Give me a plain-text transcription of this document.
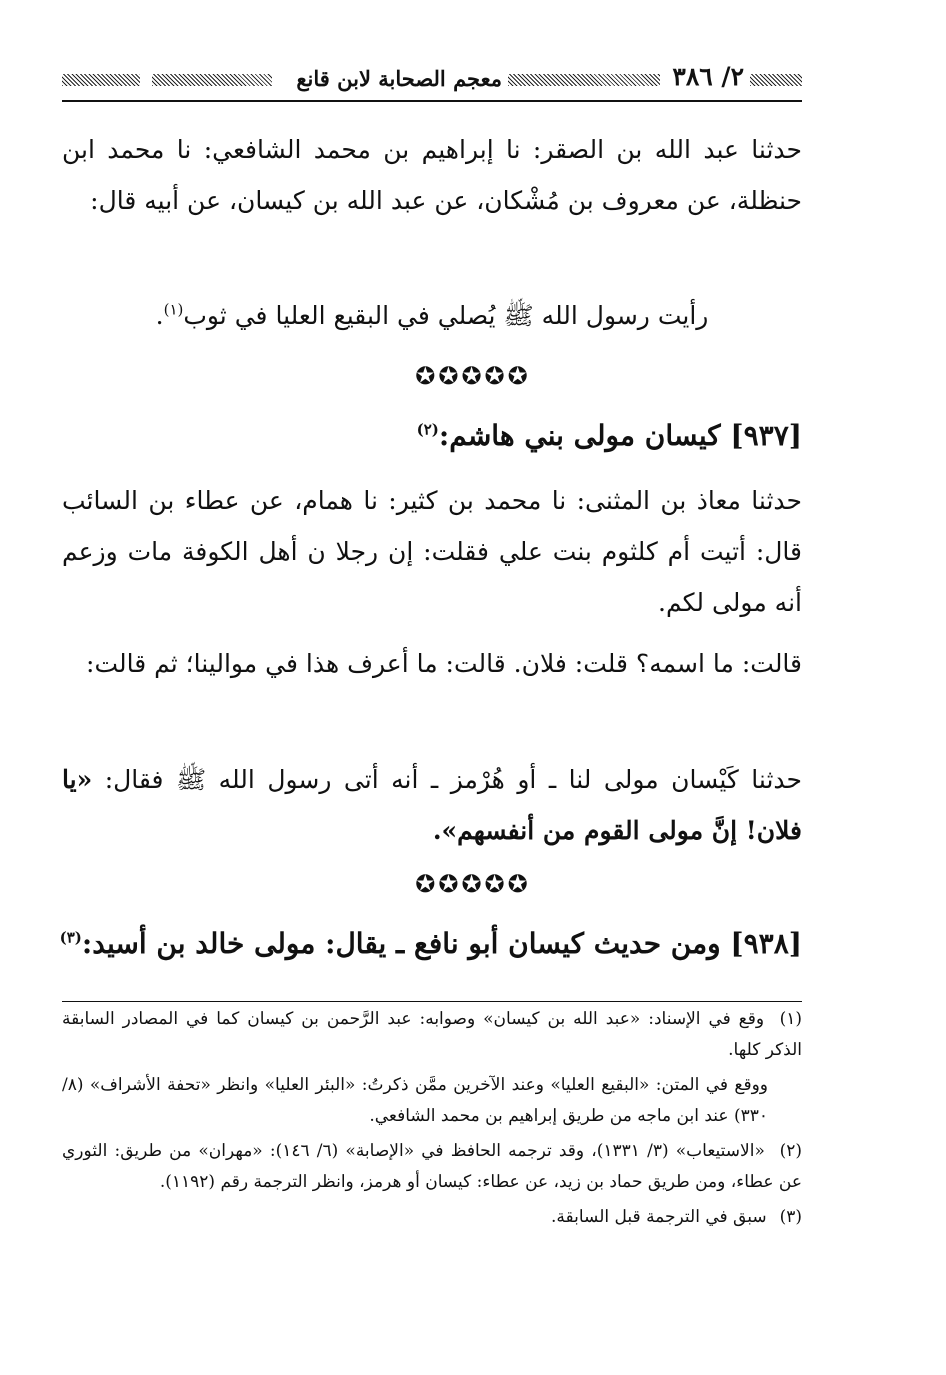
٢/ ٣٨٦
معجم الصحابة لابن قانع
حدثنا عبد الله بن الصقر: نا إبراهيم بن محمد الشافعي: نا محمد ابن حنظلة، عن معروف بن مُشْكان، عن عبد الله بن كيسان، عن أبيه قال:
رأيت رسول الله ﷺ يُصلي في البقيع العليا في ثوب$^{(١)}$.
✪✪✪✪✪
[٩٣٧] كيسان مولى بني هاشم:$^{(٢)}$
حدثنا معاذ بن المثنى: نا محمد بن كثير: نا همام، عن عطاء بن السائب قال: أتيت أم كلثوم بنت علي فقلت: إن رجلا ن أهل الكوفة مات وزعم أنه مولى لكم.
قالت: ما اسمه؟ قلت: فلان. قالت: ما أعرف هذا في موالينا؛ ثم قالت:
حدثنا كَيْسان مولى لنا ـ أو هُرْمز ـ أنه أتى رسول الله ﷺ فقال: «يا فلان! إنَّ مولى القوم من أنفسهم».
✪✪✪✪✪
[٩٣٨] ومن حديث كيسان أبو نافع ـ يقال: مولى خالد بن أسيد:$^{(٣)}$
(١) وقع في الإسناد: «عبد الله بن كيسان» وصوابه: عبد الرَّحمن بن كيسان كما في المصادر السابقة الذكر كلها.
ووقع في المتن: «البقيع العليا» وعند الآخرين ممَّن ذكرتُ: «البئر العليا» وانظر «تحفة الأشراف» (٨/ ٣٣٠) عند ابن ماجه من طريق إبراهيم بن محمد الشافعي.
(٢) «الاستيعاب» (٣/ ١٣٣١)، وقد ترجمه الحافظ في «الإصابة» (٦/ ١٤٦): «مهران» من طريق: الثوري عن عطاء، ومن طريق حماد بن زيد، عن عطاء: كيسان أو هرمز، وانظر الترجمة رقم (١١٩٢).
(٣) سبق في الترجمة قبل السابقة.
